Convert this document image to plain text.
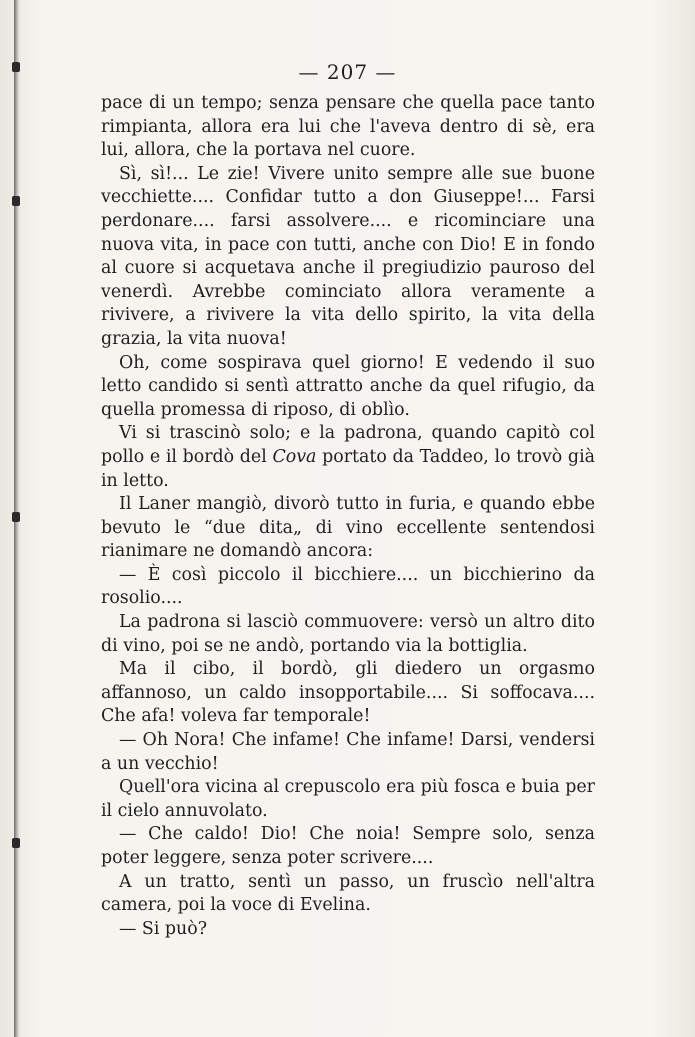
— 207 —

pace di un tempo; senza pensare che quella pace tanto rimpianta, allora era lui che l'aveva dentro di sè, era lui, allora, che la portava nel cuore.

Sì, sì!... Le zie! Vivere unito sempre alle sue buone vecchiette.... Confidar tutto a don Giuseppe!... Farsi perdonare.... farsi assolvere.... e ricominciare una nuova vita, in pace con tutti, anche con Dio! E in fondo al cuore si acquetava anche il pregiudizio pauroso del venerdì. Avrebbe cominciato allora veramente a rivivere, a rivivere la vita dello spirito, la vita della grazia, la vita nuova!

Oh, come sospirava quel giorno! E vedendo il suo letto candido si sentì attratto anche da quel rifugio, da quella promessa di riposo, di oblìo.

Vi si trascinò solo; e la padrona, quando capitò col pollo e il bordò del Cova portato da Taddeo, lo trovò già in letto.

Il Laner mangiò, divorò tutto in furia, e quando ebbe bevuto le “due dita„ di vino eccellente sentendosi rianimare ne domandò ancora:

— È così piccolo il bicchiere.... un bicchierino da rosolio....

La padrona si lasciò commuovere: versò un altro dito di vino, poi se ne andò, portando via la bottiglia.

Ma il cibo, il bordò, gli diedero un orgasmo affannoso, un caldo insopportabile.... Si soffocava.... Che afa! voleva far temporale!

— Oh Nora! Che infame! Che infame! Darsi, vendersi a un vecchio!

Quell'ora vicina al crepuscolo era più fosca e buia per il cielo annuvolato.

— Che caldo! Dio! Che noia! Sempre solo, senza poter leggere, senza poter scrivere....

A un tratto, sentì un passo, un fruscìo nell'altra camera, poi la voce di Evelina.

— Si può?
